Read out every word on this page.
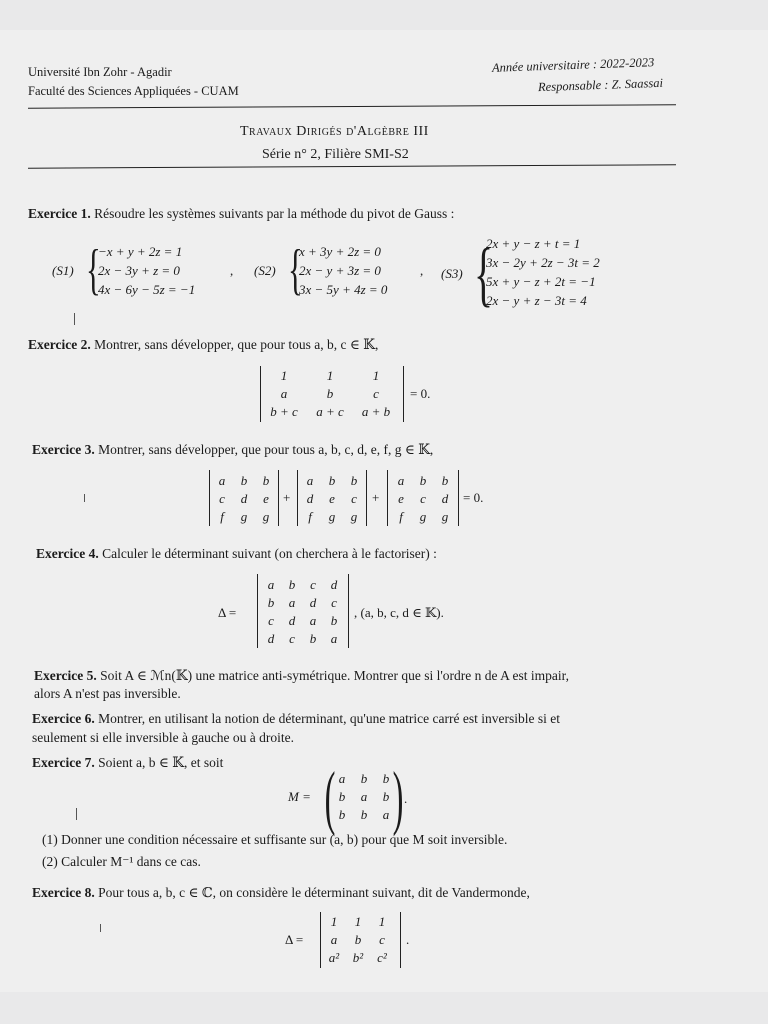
Université Ibn Zohr - Agadir
Faculté des Sciences Appliquées - CUAM
Année universitaire : 2022-2023
Responsable : Z. Saassai
Travaux Dirigés d'Algèbre III
Série n° 2, Filière SMI-S2
Exercice 1. Résoudre les systèmes suivants par la méthode du pivot de Gauss :
(S1) {
−x + y + 2z = 1
2x − 3y + z = 0
4x − 6y − 5z = −1
, (S2) {
x + 3y + 2z = 0
2x − y + 3z = 0
3x − 5y + 4z = 0
, (S3) {
2x + y − z + t = 1
3x − 2y + 2z − 3t = 2
5x + y − z + 2t = −1
2x − y + z − 3t = 4
Exercice 2. Montrer, sans développer, que pour tous a, b, c ∈ 𝕂,
1	1	1
a	b	c
b + c	a + c	a + b
= 0.
Exercice 3. Montrer, sans développer, que pour tous a, b, c, d, e, f, g ∈ 𝕂,
a	b	b
c	d	e
f	g	g
+
a	b	b
d	e	c
f	g	g
+
a	b	b
e	c	d
f	g	g
= 0.
Exercice 4. Calculer le déterminant suivant (on cherchera à le factoriser) :
Δ =
a	b	c	d
b	a	d	c
c	d	a	b
d	c	b	a
, (a, b, c, d ∈ 𝕂).
Exercice 5. Soit A ∈ ℳn(𝕂) une matrice anti-symétrique. Montrer que si l'ordre n de A est impair,
alors A n'est pas inversible.
Exercice 6. Montrer, en utilisant la notion de déterminant, qu'une matrice carré est inversible si et
seulement si elle inversible à gauche ou à droite.
Exercice 7. Soient a, b ∈ 𝕂, et soit
M = ( )
a	b	b
b	a	b
b	b	a
.
(1) Donner une condition nécessaire et suffisante sur (a, b) pour que M soit inversible.
(2) Calculer M⁻¹ dans ce cas.
Exercice 8. Pour tous a, b, c ∈ ℂ, on considère le déterminant suivant, dit de Vandermonde,
Δ =
1	1	1
a	b	c
a²	b²	c²
.
